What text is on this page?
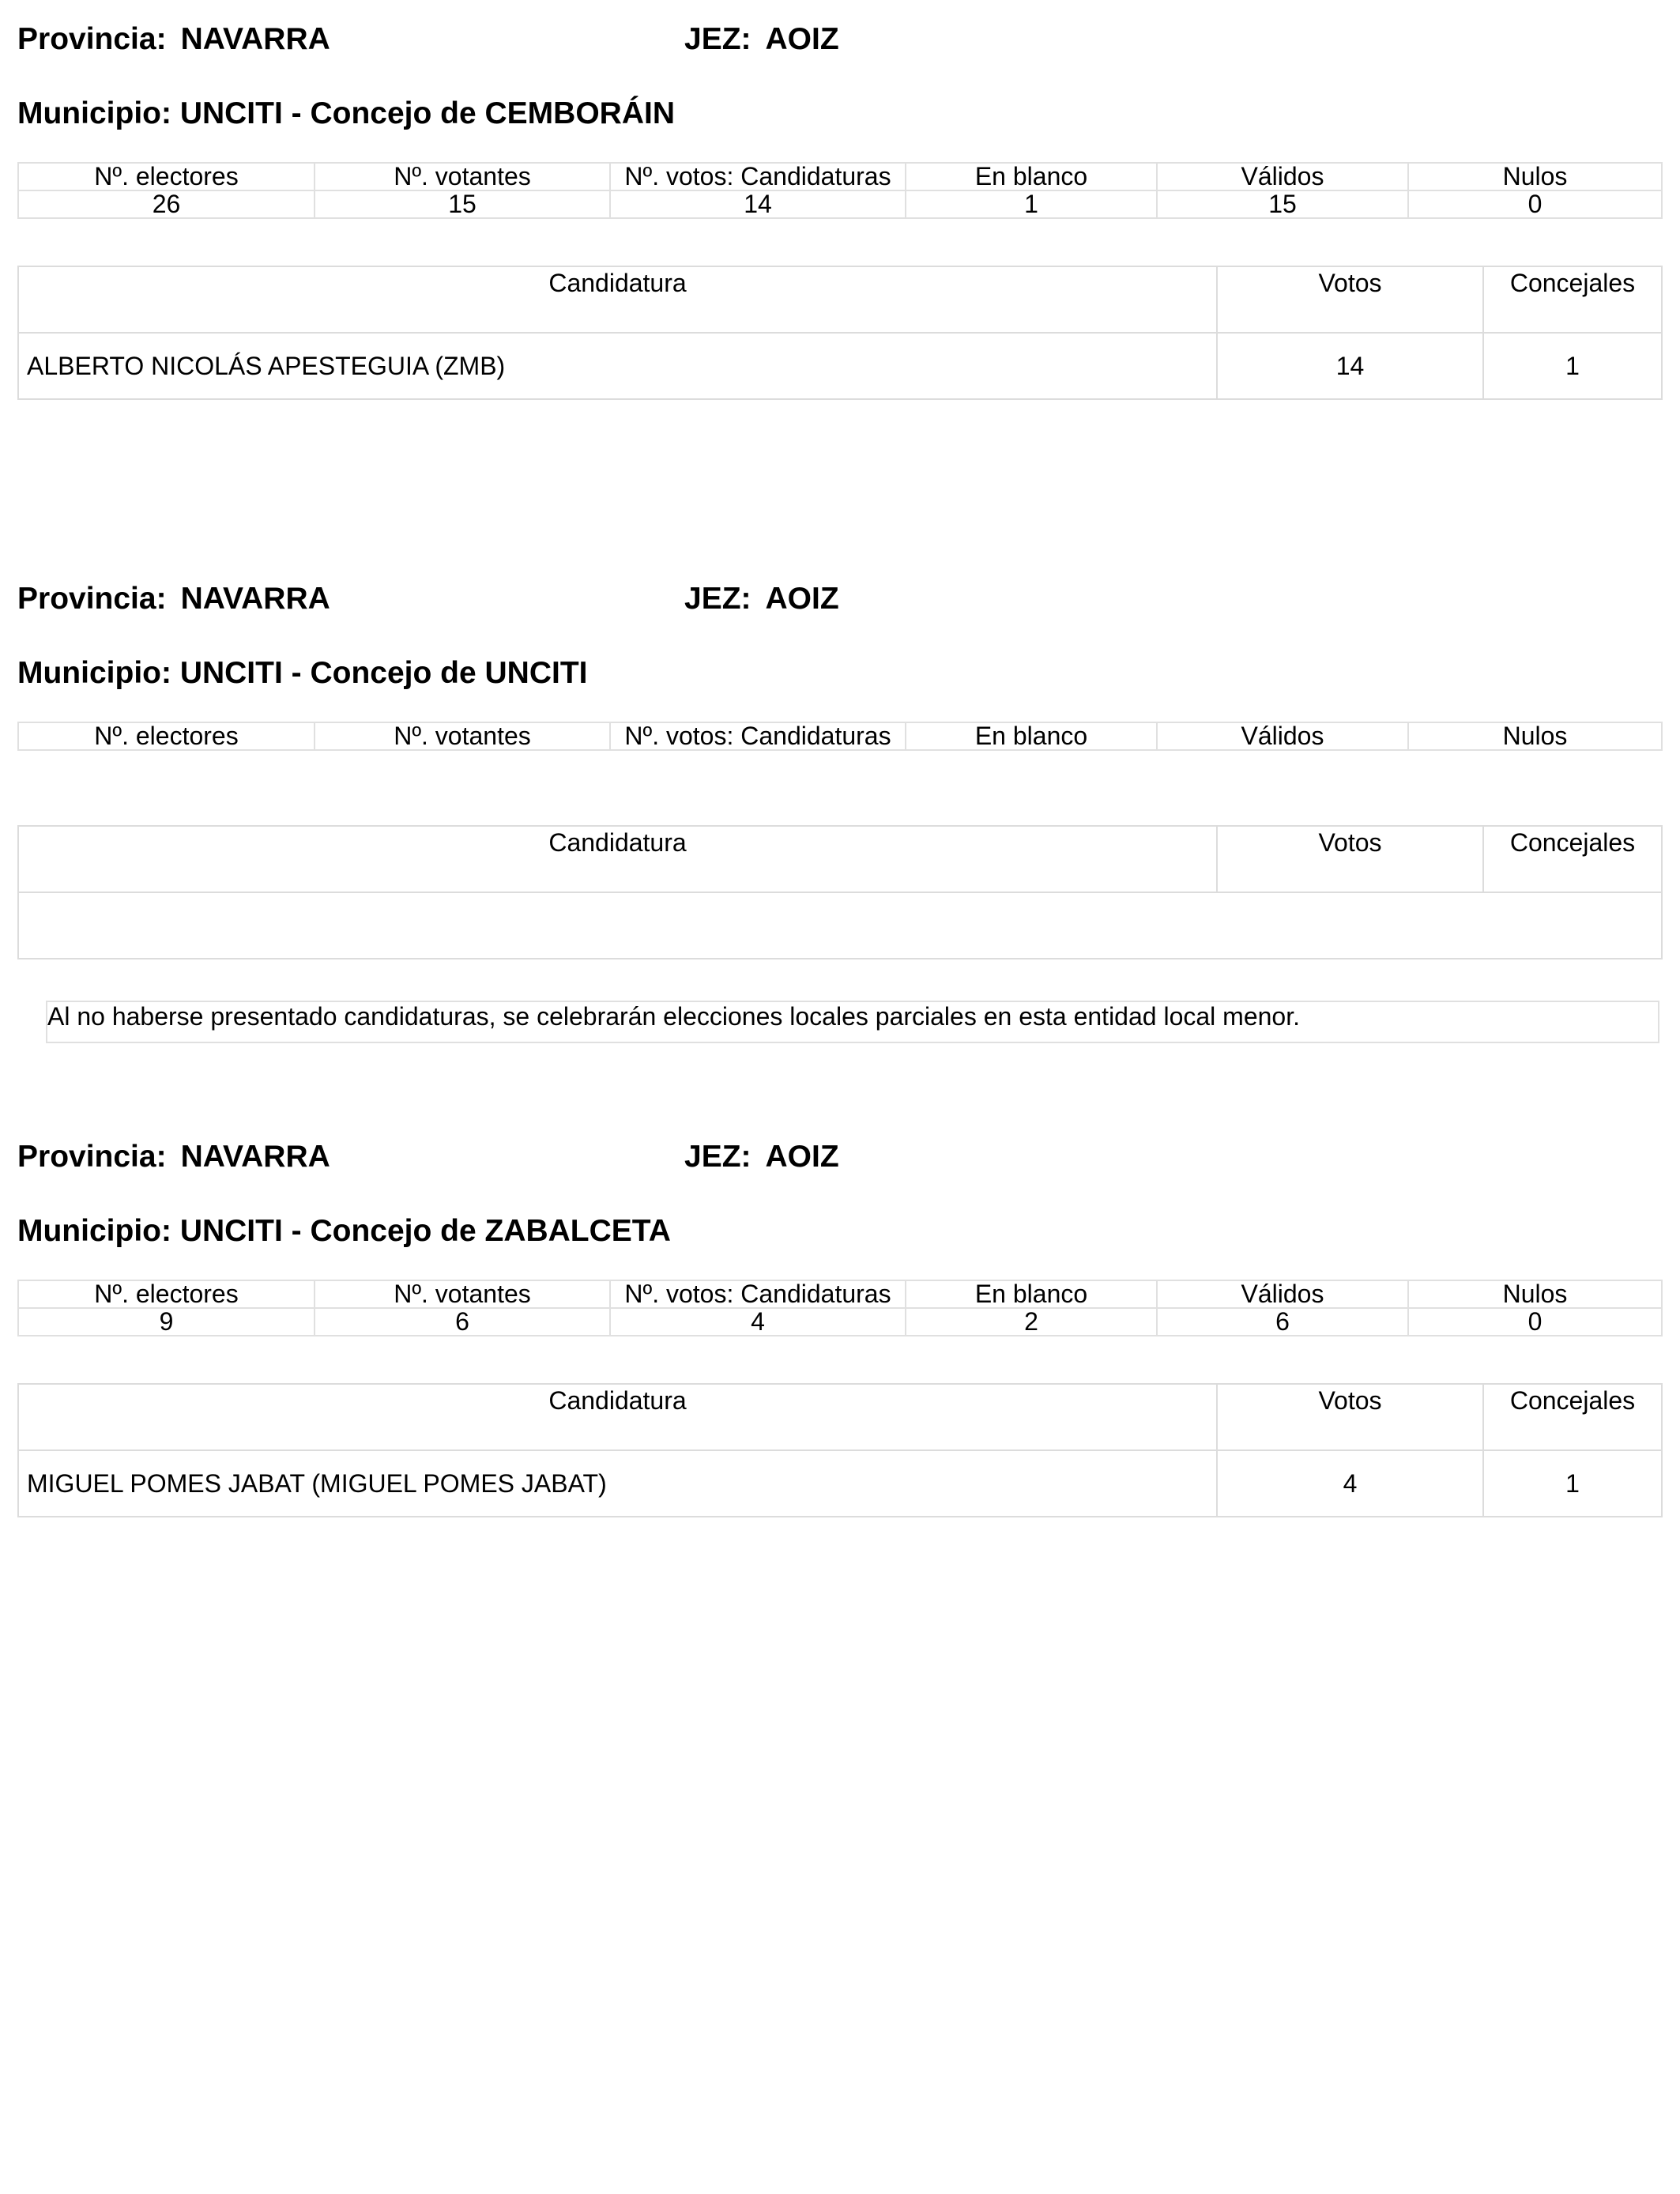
Provincia: NAVARRA	JEZ: AOIZ
Municipio: UNCITI - Concejo de CEMBORÁIN
Nº. electores	Nº. votantes	Nº. votos: Candidaturas	En blanco	Válidos	Nulos
26	15	14	1	15	0
Candidatura	Votos	Concejales
ALBERTO NICOLÁS APESTEGUIA (ZMB)	14	1
Provincia: NAVARRA	JEZ: AOIZ
Municipio: UNCITI - Concejo de UNCITI
Nº. electores	Nº. votantes	Nº. votos: Candidaturas	En blanco	Válidos	Nulos
Candidatura	Votos	Concejales

Al no haberse presentado candidaturas, se celebrarán elecciones locales parciales en esta entidad local menor.
Provincia: NAVARRA	JEZ: AOIZ
Municipio: UNCITI - Concejo de ZABALCETA
Nº. electores	Nº. votantes	Nº. votos: Candidaturas	En blanco	Válidos	Nulos
9	6	4	2	6	0
Candidatura	Votos	Concejales
MIGUEL POMES JABAT (MIGUEL POMES JABAT)	4	1
